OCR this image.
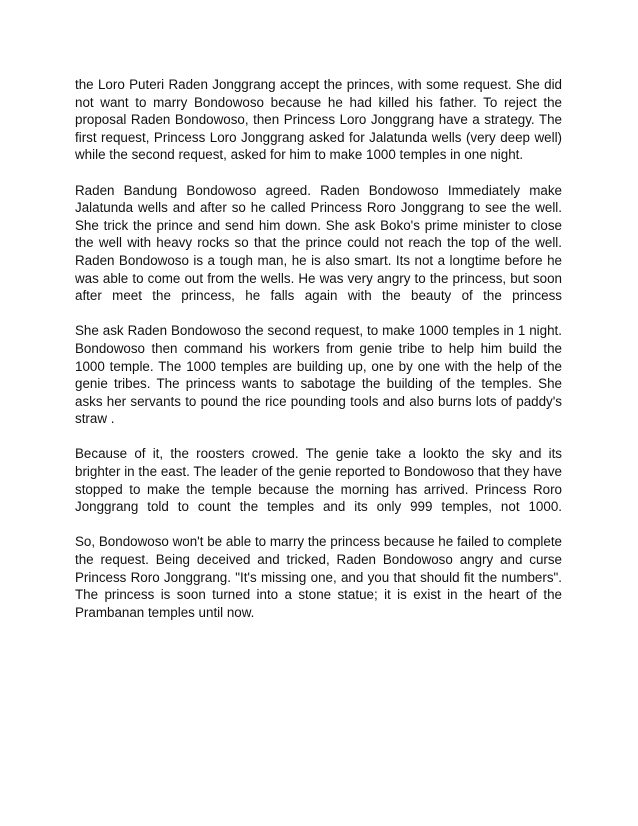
the Loro Puteri Raden Jonggrang accept the princes, with some request. She did not want to marry Bondowoso because he had killed his father. To reject the proposal Raden Bondowoso, then Princess Loro Jonggrang have a strategy. The first request, Princess Loro Jonggrang asked for Jalatunda wells (very deep well) while the second request, asked for him to make 1000 temples in one night.

Raden Bandung Bondowoso agreed. Raden Bondowoso Immediately make Jalatunda wells and after so he called Princess Roro Jonggrang to see the well. She trick the prince and send him down. She ask Boko's prime minister to close the well with heavy rocks so that the prince could not reach the top of the well. Raden Bondowoso is a tough man, he is also smart. Its not a longtime before he was able to come out from the wells. He was very angry to the princess, but soon after meet the princess, he falls again with the beauty of the princess

She ask Raden Bondowoso the second request, to make 1000 temples in 1 night. Bondowoso then command his workers from genie tribe to help him build the 1000 temple. The 1000 temples are building up, one by one with the help of the genie tribes. The princess wants to sabotage the building of the temples. She asks her servants to pound the rice pounding tools and also burns lots of paddy's straw .

Because of it, the roosters crowed. The genie take a lookto the sky and its brighter in the east. The leader of the genie reported to Bondowoso that they have stopped to make the temple because the morning has arrived. Princess Roro Jonggrang told to count the temples and its only 999 temples, not 1000.

So, Bondowoso won't be able to marry the princess because he failed to complete the request. Being deceived and tricked, Raden Bondowoso angry and curse Princess Roro Jonggrang. "It's missing one, and you that should fit the numbers". The princess is soon turned into a stone statue; it is exist in the heart of the Prambanan temples until now.
